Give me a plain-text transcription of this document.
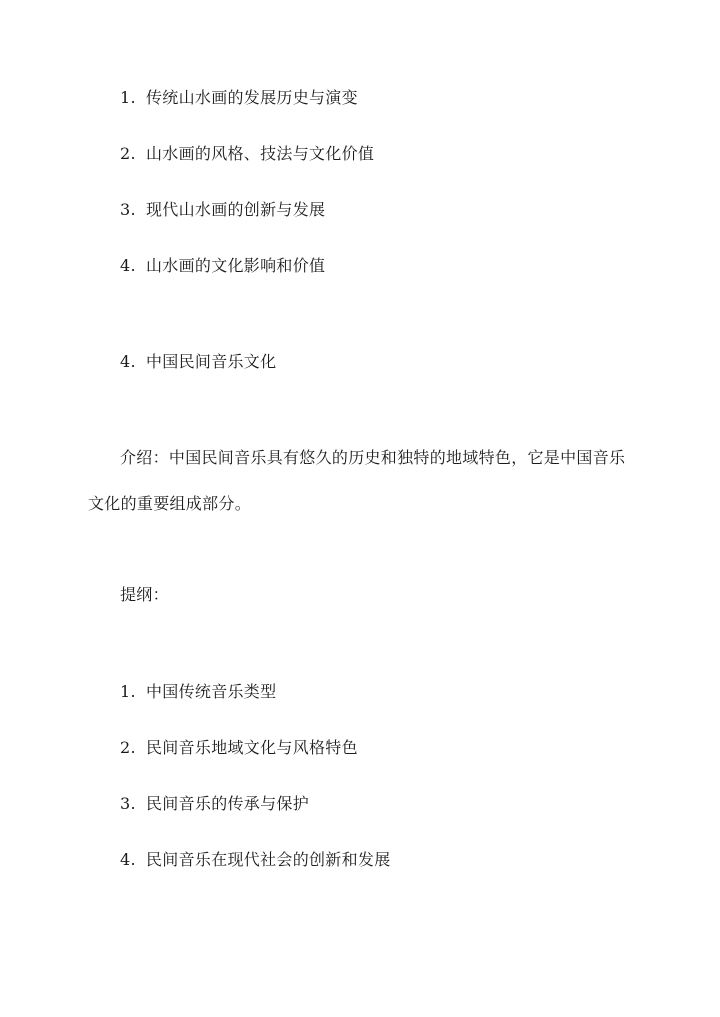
1. 传统山水画的发展历史与演变

2. 山水画的风格、技法与文化价值

3. 现代山水画的创新与发展

4. 山水画的文化影响和价值

4. 中国民间音乐文化

介绍：中国民间音乐具有悠久的历史和独特的地域特色，它是中国音乐文化的重要组成部分。

提纲：

1. 中国传统音乐类型

2. 民间音乐地域文化与风格特色

3. 民间音乐的传承与保护

4. 民间音乐在现代社会的创新和发展
